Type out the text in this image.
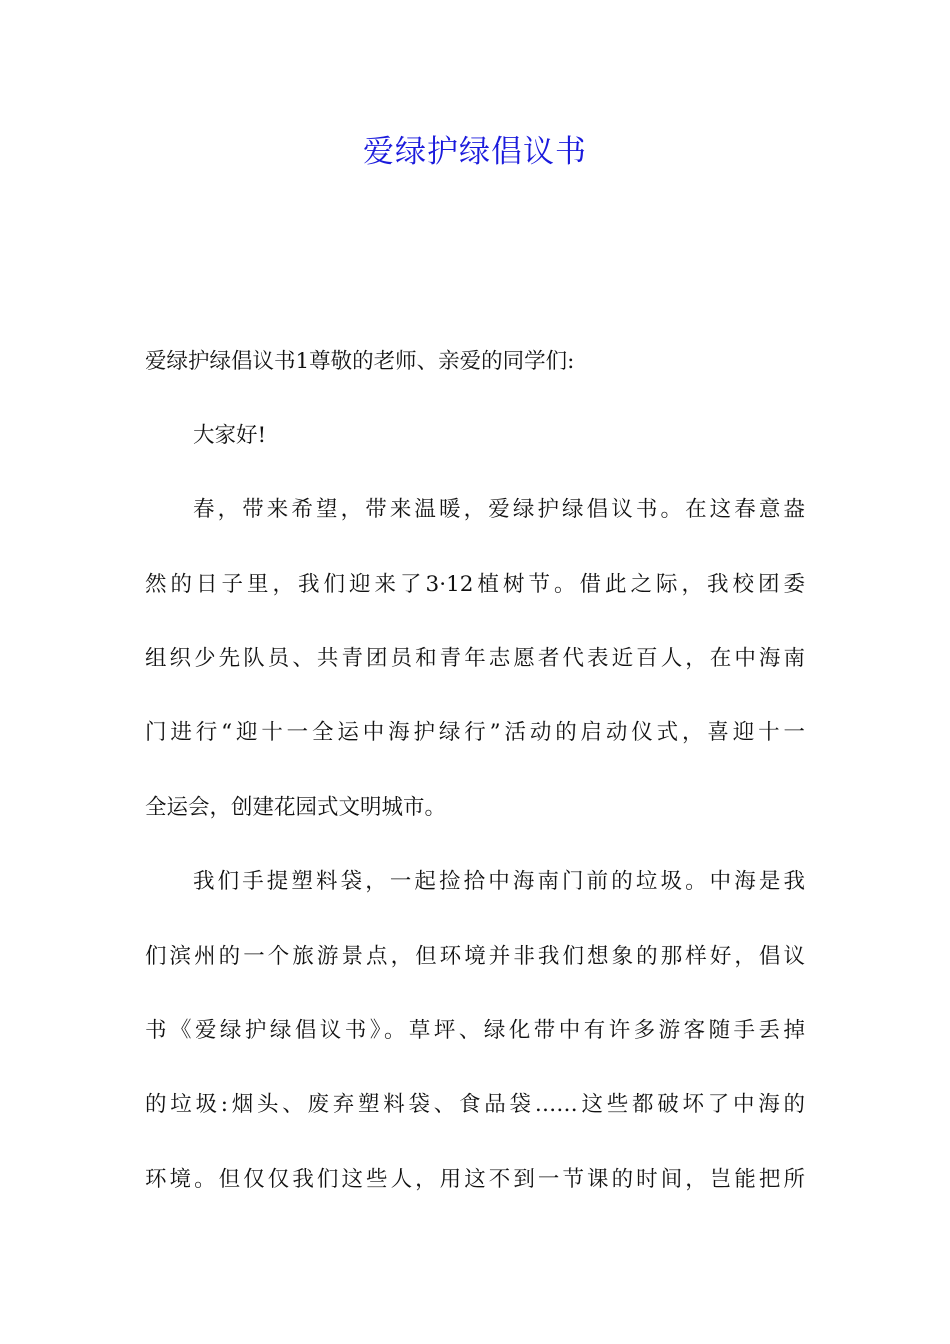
爱绿护绿倡议书

爱绿护绿倡议书1尊敬的老师、亲爱的同学们:

大家好!

春，带来希望，带来温暖，爱绿护绿倡议书。在这春意盎

然的日子里，我们迎来了3·12植树节。借此之际，我校团委

组织少先队员、共青团员和青年志愿者代表近百人，在中海南

门进行“迎十一全运中海护绿行”活动的启动仪式，喜迎十一

全运会，创建花园式文明城市。

我们手提塑料袋，一起捡拾中海南门前的垃圾。中海是我

们滨州的一个旅游景点，但环境并非我们想象的那样好，倡议

书《爱绿护绿倡议书》。草坪、绿化带中有许多游客随手丢掉

的垃圾:烟头、废弃塑料袋、食品袋……这些都破坏了中海的

环境。但仅仅我们这些人，用这不到一节课的时间，岂能把所
